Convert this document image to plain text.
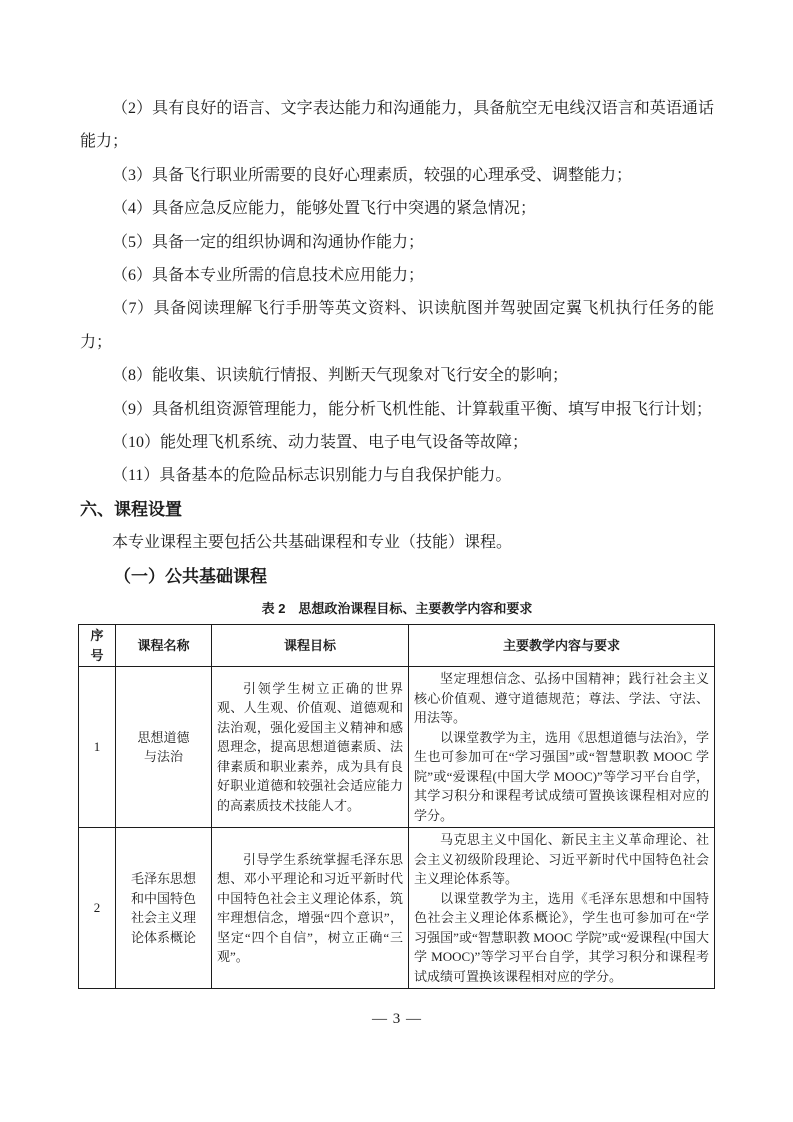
（2）具有良好的语言、文字表达能力和沟通能力，具备航空无电线汉语言和英语通话能力；

（3）具备飞行职业所需要的良好心理素质，较强的心理承受、调整能力；

（4）具备应急反应能力，能够处置飞行中突遇的紧急情况；

（5）具备一定的组织协调和沟通协作能力；

（6）具备本专业所需的信息技术应用能力；

（7）具备阅读理解飞行手册等英文资料、识读航图并驾驶固定翼飞机执行任务的能力；

（8）能收集、识读航行情报、判断天气现象对飞行安全的影响；

（9）具备机组资源管理能力，能分析飞机性能、计算载重平衡、填写申报飞行计划；

（10）能处理飞机系统、动力装置、电子电气设备等故障；

（11）具备基本的危险品标志识别能力与自我保护能力。

六、课程设置

本专业课程主要包括公共基础课程和专业（技能）课程。

（一）公共基础课程
表 2　思想政治课程目标、主要教学内容和要求
序号	课程名称	课程目标	主要教学内容与要求
1	思想道德与法治	引领学生树立正确的世界观、人生观、价值观、道德观和法治观，强化爱国主义精神和感恩理念，提高思想道德素质、法律素质和职业素养，成为具有良好职业道德和较强社会适应能力的高素质技术技能人才。	坚定理想信念、弘扬中国精神；践行社会主义核心价值观、遵守道德规范；尊法、学法、守法、用法等。
以课堂教学为主，选用《思想道德与法治》，学生也可参加可在“学习强国”或“智慧职教 MOOC 学院”或“爱课程(中国大学 MOOC)”等学习平台自学，其学习积分和课程考试成绩可置换该课程相对应的学分。

2	毛泽东思想和中国特色社会主义理论体系概论	引导学生系统掌握毛泽东思想、邓小平理论和习近平新时代中国特色社会主义理论体系，筑牢理想信念，增强“四个意识”，坚定“四个自信”，树立正确“三观”。	马克思主义中国化、新民主主义革命理论、社会主义初级阶段理论、习近平新时代中国特色社会主义理论体系等。
以课堂教学为主，选用《毛泽东思想和中国特色社会主义理论体系概论》，学生也可参加可在“学习强国”或“智慧职教 MOOC 学院”或“爱课程(中国大学 MOOC)”等学习平台自学，其学习积分和课程考试成绩可置换该课程相对应的学分。
— 3 —
